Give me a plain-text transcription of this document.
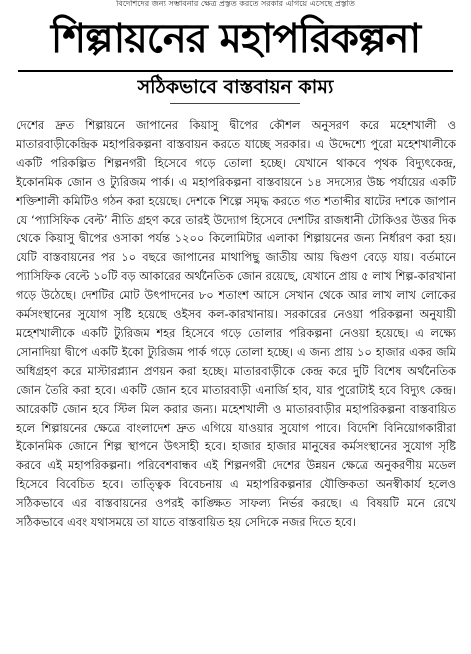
বিদেশিদের জন্য সম্ভাবনার ক্ষেত্র প্রস্তুত করতে সরকার এগিয়ে এসেছে প্রস্তুতি
শিল্পায়নের মহাপরিকল্পনা
সঠিকভাবে বাস্তবায়ন কাম্য

দেশের দ্রুত শিল্পায়নে জাপানের কিয়াসু দ্বীপের কৌশল অনুসরণ করে মহেশখালী ও মাতারবাড়ীকেন্দ্রিক মহাপরিকল্পনা বাস্তবায়ন করতে যাচ্ছে সরকার। এ উদ্দেশ্যে পুরো মহেশখালীকে একটি পরিকল্পিত শিল্পনগরী হিসেবে গড়ে তোলা হচ্ছে। যেখানে থাকবে পৃথক বিদ্যুৎকেন্দ্র, ইকোনমিক জোন ও ট্যুরিজম পার্ক। এ মহাপরিকল্পনা বাস্তবায়নে ১৪ সদস্যের উচ্চ পর্যায়ের একটি শক্তিশালী কমিটিও গঠন করা হয়েছে। দেশকে শিল্পে সমৃদ্ধ করতে গত শতাব্দীর ষাটের দশকে জাপান যে ‘প্যাসিফিক বেল্ট’ নীতি গ্রহণ করে তারই উদ্যোগ হিসেবে দেশটির রাজধানী টোকিওর উত্তর দিক থেকে কিয়াসু দ্বীপের ওসাকা পর্যন্ত ১২০০ কিলোমিটার এলাকা শিল্পায়নের জন্য নির্ধারণ করা হয়। যেটি বাস্তবায়নের পর ১০ বছরে জাপানের মাথাপিছু জাতীয় আয় দ্বিগুণ বেড়ে যায়। বর্তমানে প্যাসিফিক বেল্টে ১০টি বড় আকারের অর্থনৈতিক জোন রয়েছে, যেখানে প্রায় ৫ লাখ শিল্প-কারখানা গড়ে উঠেছে। দেশটির মোট উৎপাদনের ৮০ শতাংশ আসে সেখান থেকে আর লাখ লাখ লোকের কর্মসংস্থানের সুযোগ সৃষ্টি হয়েছে ওইসব কল-কারখানায়। সরকারের নেওয়া পরিকল্পনা অনুযায়ী মহেশখালীকে একটি ট্যুরিজম শহর হিসেবে গড়ে তোলার পরিকল্পনা নেওয়া হয়েছে। এ লক্ষ্যে সোনাদিয়া দ্বীপে একটি ইকো ট্যুরিজম পার্ক গড়ে তোলা হচ্ছে। এ জন্য প্রায় ১০ হাজার একর জমি অধিগ্রহণ করে মাস্টারপ্ল্যান প্রণয়ন করা হচ্ছে। মাতারবাড়ীকে কেন্দ্র করে দুটি বিশেষ অর্থনৈতিক জোন তৈরি করা হবে। একটি জোন হবে মাতারবাড়ী এনার্জি হাব, যার পুরোটাই হবে বিদ্যুৎ কেন্দ্র। আরেকটি জোন হবে স্টিল মিল করার জন্য। মহেশখালী ও মাতারবাড়ীর মহাপরিকল্পনা বাস্তবায়িত হলে শিল্পায়নের ক্ষেত্রে বাংলাদেশ দ্রুত এগিয়ে যাওয়ার সুযোগ পাবে। বিদেশি বিনিয়োগকারীরা ইকোনমিক জোনে শিল্প স্থাপনে উৎসাহী হবে। হাজার হাজার মানুষের কর্মসংস্থানের সুযোগ সৃষ্টি করবে এই মহাপরিকল্পনা। পরিবেশবান্ধব এই শিল্পনগরী দেশের উন্নয়ন ক্ষেত্রে অনুকরণীয় মডেল হিসেবে বিবেচিত হবে। তাত্ত্বিক বিবেচনায় এ মহাপরিকল্পনার যৌক্তিকতা অনস্বীকার্য হলেও সঠিকভাবে এর বাস্তবায়নের ওপরই কাঙ্ক্ষিত সাফল্য নির্ভর করছে। এ বিষয়টি মনে রেখে সঠিকভাবে এবং যথাসময়ে তা যাতে বাস্তবায়িত হয় সেদিকে নজর দিতে হবে।
